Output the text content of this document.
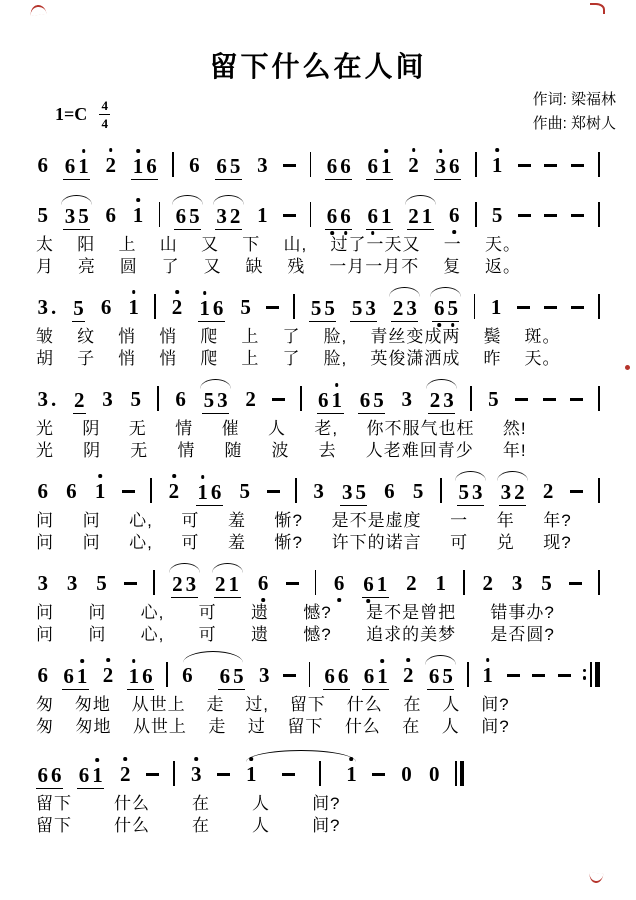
留下什么在人间
1=C 4
4
作词: 梁福林
作曲: 郑树人
6 6 1 2 1 6 6 6 5 3	6 6 6 1 2 3 6 1
5 3 5 6 1 6 5 3 2 1	6 6 6 1 2 1 6 5
太 阳 上 山 又 下 山, 过了一天又 一 天。
月 亮 圆 了 又 缺 残 一月一月不 复 返。
3 . 5 6 1 2 1 6 5	5 5 5 3 2 3 6 5 1
皱 纹 悄 悄 爬 上 了 脸, 青丝变成两 鬓 斑。
胡 子 悄 悄 爬 上 了 脸, 英俊潇洒成 昨 天。
3 . 2 3 5 6 5 3 2	6 1 6 5 3 2 3 5
光 阴 无 情 催 人 老, 你不服气也枉 然!
光 阴 无 情 随 波 去 人老难回青少 年!
6 6 1	2 1 6 5	3 3 5 6 5 5 3 3 2 2
问 问 心, 可 羞 惭? 是不是虚度 一 年 年?
问 问 心, 可 羞 惭? 许下的诺言 可 兑 现?
3 3 5	2 3 2 1 6	6 6 1 2 1 2 3 5
问 问 心, 可 遗 憾? 是不是曾把 错事办?
问 问 心, 可 遗 憾? 追求的美梦 是否圆?
6 6 1 2 1 6 6 6 5 3	6 6 6 1 2 6 5 1
匆 匆地 从世上 走 过, 留下 什么 在 人 间?
匆 匆地 从世上 走 过 留下 什么 在 人 间?
6 6 6 1 2	3 1	1 0 0
留下 什么 在 人 间?
留下 什么 在 人 间?
